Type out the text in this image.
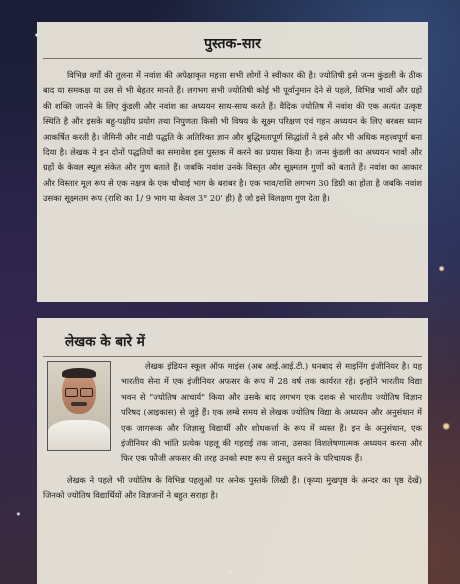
पुस्तक-सार

विभिन्न वर्गों की तुलना में नवांश की अपेक्षाकृत महत्ता सभी लोगों ने स्वीकार की है। ज्योतिषी इसे जन्म कुंडली के ठीक बाद या समकक्ष या उस से भी बेहतर मानते हैं। लगभग सभी ज्योतिषी कोई भी पूर्वानुमान देने से पहले, विभिन्न भावों और ग्रहों की शक्ति जानने के लिए कुंडली और नवांश का अध्ययन साथ-साथ करते हैं। वैदिक ज्योतिष में नवांश की एक अत्यंत उत्कृष्ट स्थिति है और इसके बहु-पक्षीय प्रयोग तथा निपुणता किसी भी विषय के सूक्ष्म परिक्षण एवं गहन अध्ययन के लिए बरबस ध्यान आकर्षित करती है। जैमिनी और नाडी पद्धति के अतिरिक्त ज्ञान और बुद्धिमतापूर्ण सिद्धांतों ने इसे और भी अधिक महत्त्वपूर्ण बना दिया है। लेखक ने इन दोनों पद्धतियों का समावेश इस पुस्तक में करने का प्रयास किया है। जन्म कुंडली का अध्ययन भावों और ग्रहों के केवल स्थूल संकेत और गुण बताते हैं। जबकि नवांश उनके विस्तृत और सूक्ष्मतम गुणों को बताते हैं। नवांश का आकार और विस्तार मूल रूप से एक नक्षत्र के एक चौथाई भाग के बराबर है। एक भाव/राशि लगभग 30 डिग्री का होता है जबकि नवांश उसका सूक्ष्मतम रूप (राशि का 1/ 9 भाग या केवल 3° 20' ही) है जो इसे विलक्षण गुण देता है।

लेखक के बारे में

लेखक इंडियन स्कूल ऑफ माइंस (अब आई.आई.टी.) धनबाद से माइनिंग इंजीनियर है। यह भारतीय सेना में एक इंजीनियर अफसर के रूप में 28 वर्ष तक कार्यरत रहे। इन्होंने भारतीय विद्या भवन से "ज्योतिष आचार्य" किया और उसके बाद लगभग एक दशक से भारतीय ज्योतिष विज्ञान परिषद (आइकास) से जुड़े हैं। एक लम्बे समय से लेखक ज्योतिष विद्या के अध्ययन और अनुसंधान में एक जागरूक और जिज्ञासु विद्यार्थी और शोधकर्त्ता के रूप में व्यस्त हैं। इन के अनुसंधान, एक इंजीनियर की भांति प्रत्येक पहलू की गहराई तक जाना, उसका विशलेषणात्मक अध्ययन करना और फिर एक फौजी अफसर की तरह उनको स्पष्ट रूप से प्रस्तुत करने के परिचायक हैं।

लेखक ने पहले भी ज्योतिष के विभिन्न पहलुओं पर अनेक पुस्तकें लिखी हैं। (कृप्या मुखपृष्ठ के अन्दर का पृष्ठ देखें) जिनको ज्योतिष विद्यार्थियों और विज्ञजनों ने बहुत सराहा है।
